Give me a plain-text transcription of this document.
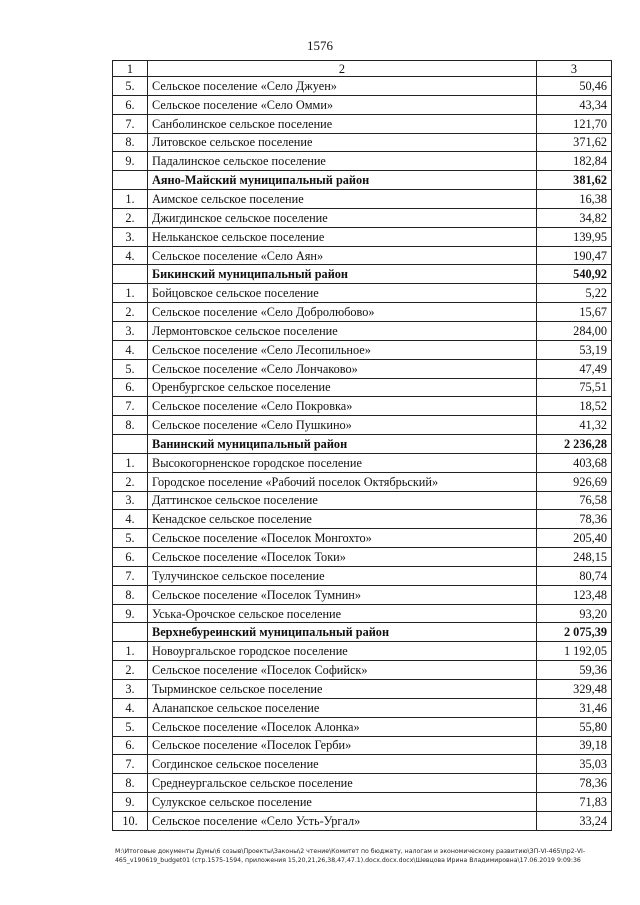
1576
1	2	3
5.	Сельское поселение «Село Джуен»	50,46
6.	Сельское поселение «Село Омми»	43,34
7.	Санболинское сельское поселение	121,70
8.	Литовское сельское поселение	371,62
9.	Падалинское сельское поселение	182,84
	Аяно-Майский муниципальный район	381,62
1.	Аимское сельское поселение	16,38
2.	Джигдинское сельское поселение	34,82
3.	Нельканское сельское поселение	139,95
4.	Сельское поселение «Село Аян»	190,47
	Бикинский муниципальный район	540,92
1.	Бойцовское сельское поселение	5,22
2.	Сельское поселение «Село Добролюбово»	15,67
3.	Лермонтовское сельское поселение	284,00
4.	Сельское поселение «Село Лесопильное»	53,19
5.	Сельское поселение «Село Лончаково»	47,49
6.	Оренбургское сельское поселение	75,51
7.	Сельское поселение «Село Покровка»	18,52
8.	Сельское поселение «Село Пушкино»	41,32
	Ванинский муниципальный район	2 236,28
1.	Высокогорненское городское поселение	403,68
2.	Городское поселение «Рабочий поселок Октябрьский»	926,69
3.	Даттинское сельское поселение	76,58
4.	Кенадское сельское поселение	78,36
5.	Сельское поселение «Поселок Монгохто»	205,40
6.	Сельское поселение «Поселок Токи»	248,15
7.	Тулучинское сельское поселение	80,74
8.	Сельское поселение «Поселок Тумнин»	123,48
9.	Уська-Орочское сельское поселение	93,20
	Верхнебуреинский муниципальный район	2 075,39
1.	Новоургальское городское поселение	1 192,05
2.	Сельское поселение «Поселок Софийск»	59,36
3.	Тырминское сельское поселение	329,48
4.	Аланапское сельское поселение	31,46
5.	Сельское поселение «Поселок Алонка»	55,80
6.	Сельское поселение «Поселок Герби»	39,18
7.	Согдинское сельское поселение	35,03
8.	Среднеургальское сельское поселение	78,36
9.	Сулукское сельское поселение	71,83
10.	Сельское поселение «Село Усть-Ургал»	33,24
M:\Итоговые документы Думы\6 созыв\Проекты\Законы\2 чтение\Комитет по бюджету, налогам и экономическому развитию\ЗП-VI-465\пр2-VI-465_v190619_budget01 (стр.1575-1594, приложения 15,20,21,26,38,47,47.1).docx.docx.docx\Шевцова Ирина Владимировна\17.06.2019 9:09:36
